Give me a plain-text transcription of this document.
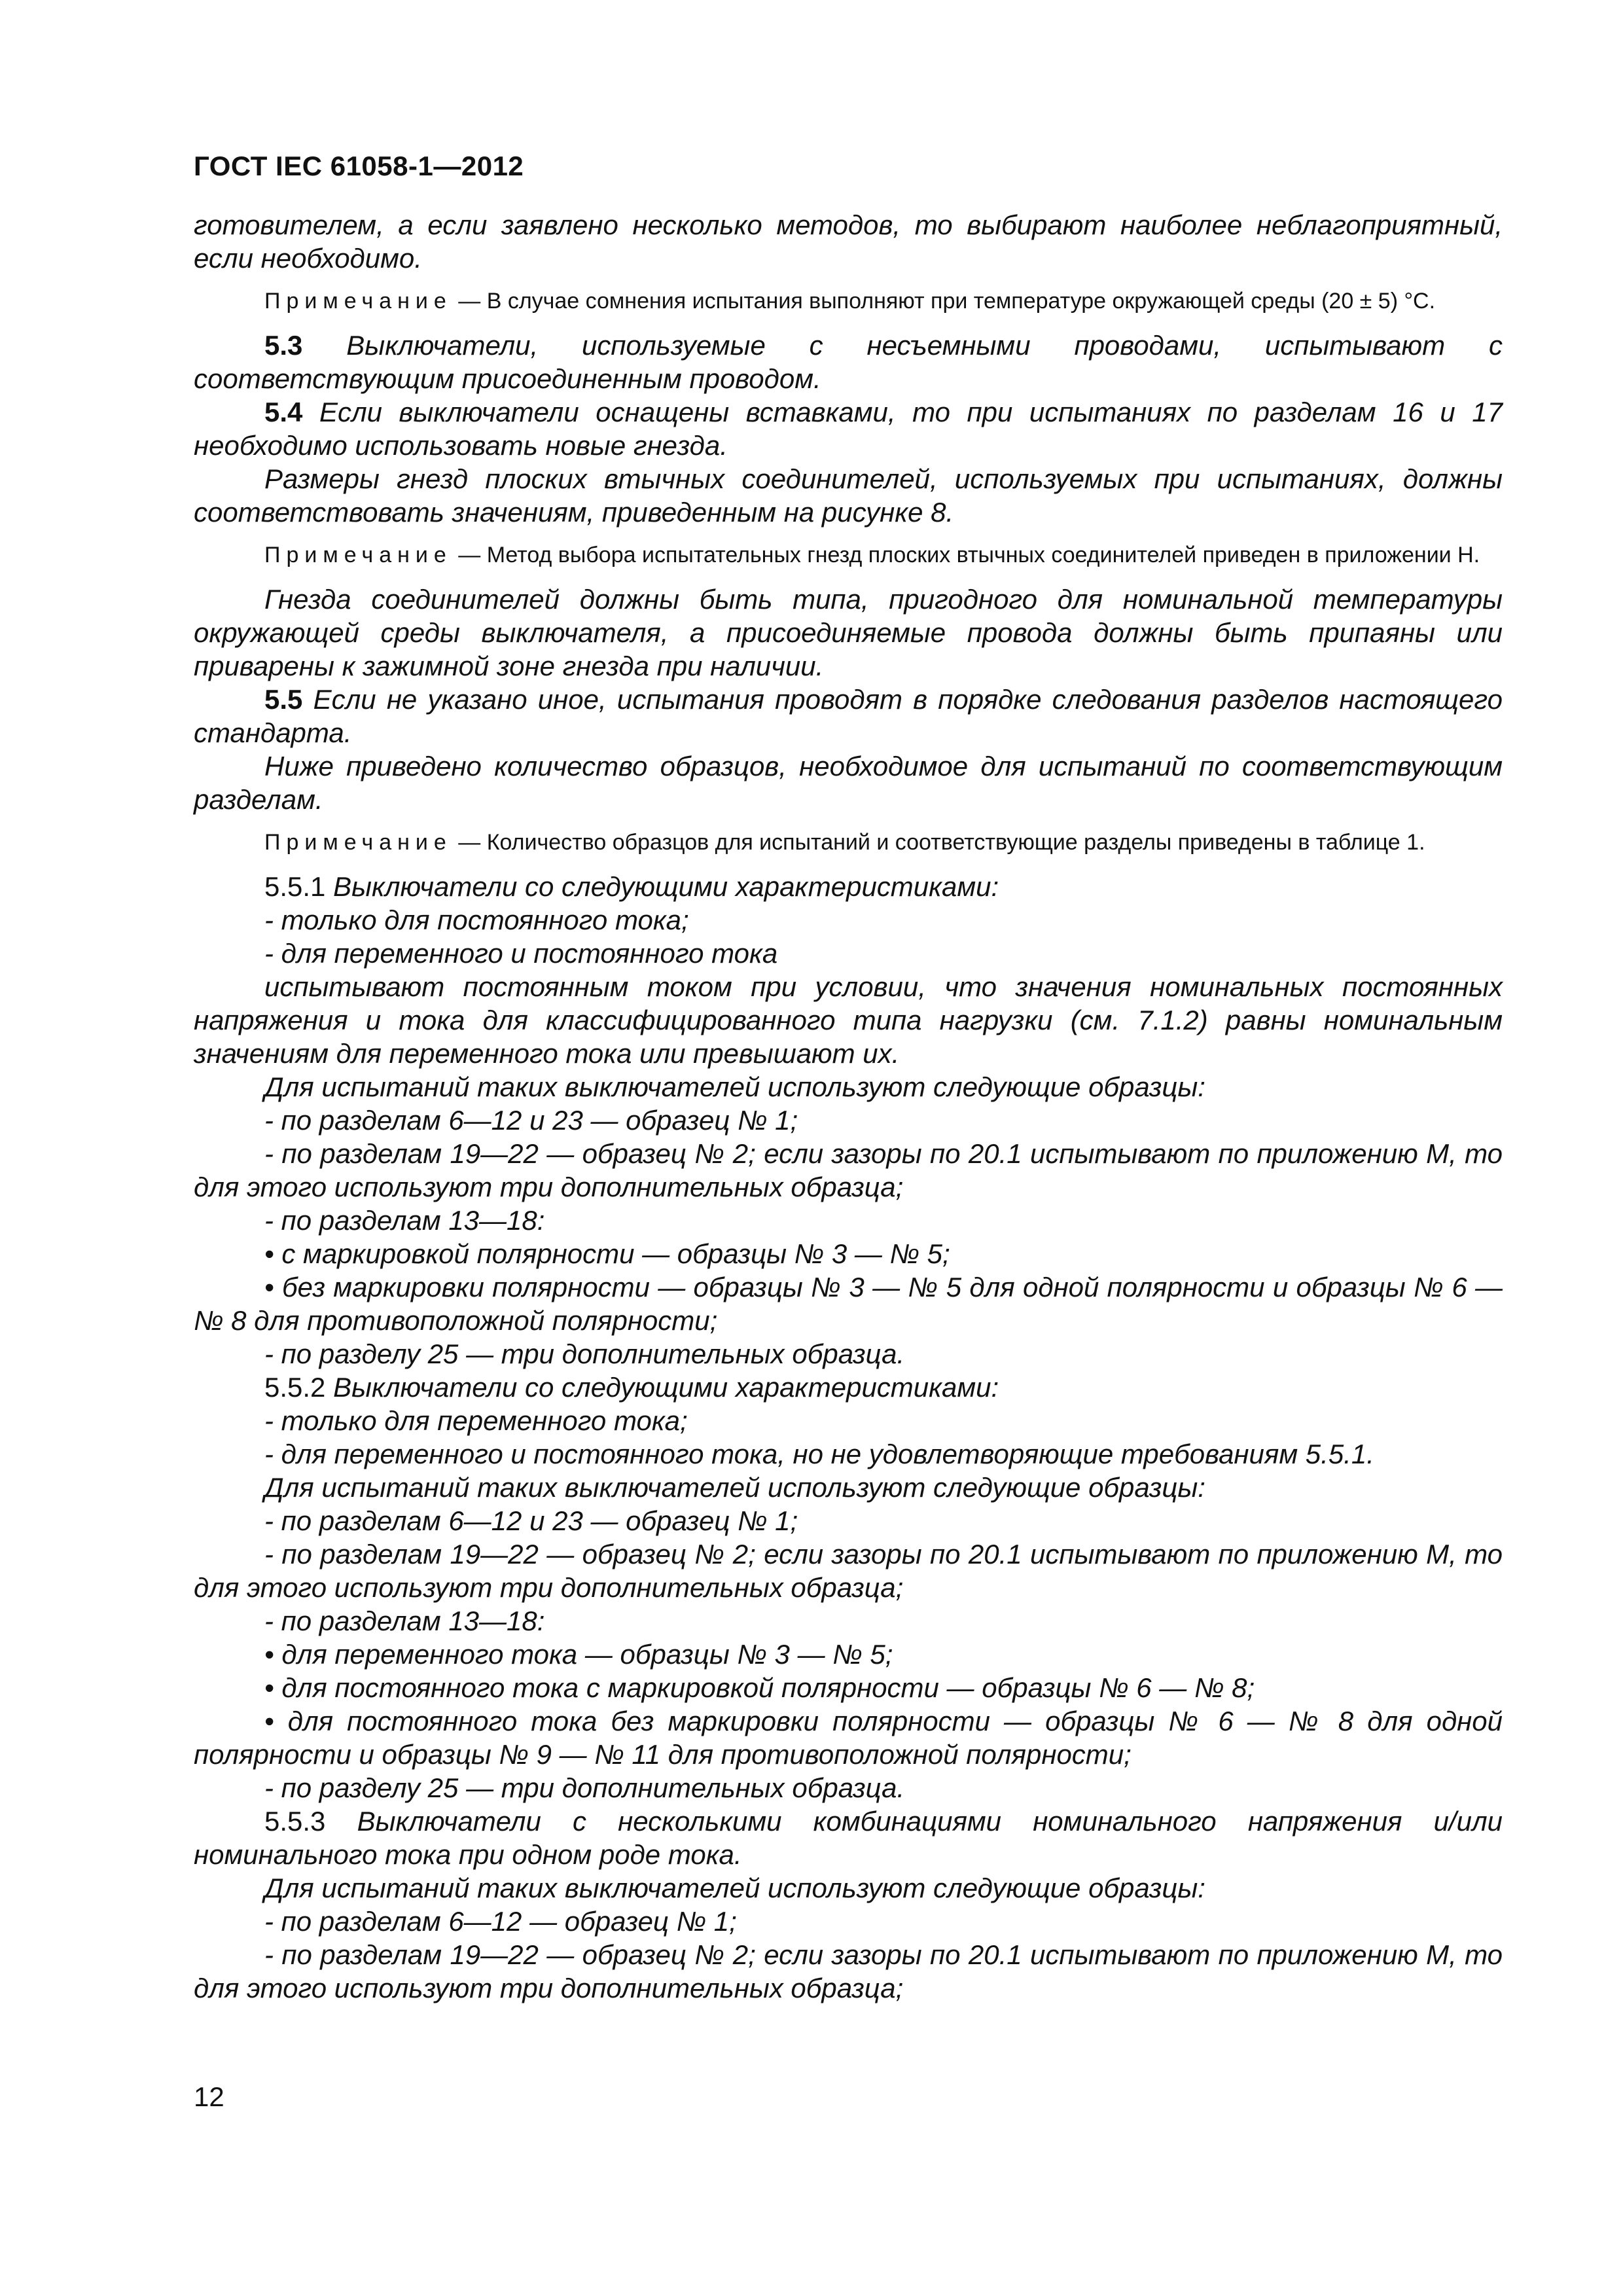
ГОСТ IEC 61058-1—2012

готовителем, а если заявлено несколько методов, то выбирают наиболее неблагоприятный, если необходимо.

Примечание — В случае сомнения испытания выполняют при температуре окружающей среды (20 ± 5) °С.

5.3 Выключатели, используемые с несъемными проводами, испытывают с соответствующим присоединенным проводом.

5.4 Если выключатели оснащены вставками, то при испытаниях по разделам 16 и 17 необходимо использовать новые гнезда.

Размеры гнезд плоских втычных соединителей, используемых при испытаниях, должны соответствовать значениям, приведенным на рисунке 8.

Примечание — Метод выбора испытательных гнезд плоских втычных соединителей приведен в приложении Н.

Гнезда соединителей должны быть типа, пригодного для номинальной температуры окружающей среды выключателя, а присоединяемые провода должны быть припаяны или приварены к зажимной зоне гнезда при наличии.

5.5 Если не указано иное, испытания проводят в порядке следования разделов настоящего стандарта.

Ниже приведено количество образцов, необходимое для испытаний по соответствующим разделам.

Примечание — Количество образцов для испытаний и соответствующие разделы приведены в таблице 1.

5.5.1 Выключатели со следующими характеристиками:

- только для постоянного тока;

- для переменного и постоянного тока

испытывают постоянным током при условии, что значения номинальных постоянных напряжения и тока для классифицированного типа нагрузки (см. 7.1.2) равны номинальным значениям для переменного тока или превышают их.

Для испытаний таких выключателей используют следующие образцы:

- по разделам 6—12 и 23 — образец № 1;

- по разделам 19—22 — образец № 2; если зазоры по 20.1 испытывают по приложению М, то для этого используют три дополнительных образца;

- по разделам 13—18:

• с маркировкой полярности — образцы № 3 — № 5;

• без маркировки полярности — образцы № 3 — № 5 для одной полярности и образцы № 6 — № 8 для противоположной полярности;

- по разделу 25 — три дополнительных образца.

5.5.2 Выключатели со следующими характеристиками:

- только для переменного тока;

- для переменного и постоянного тока, но не удовлетворяющие требованиям 5.5.1.

Для испытаний таких выключателей используют следующие образцы:

- по разделам 6—12 и 23 — образец № 1;

- по разделам 19—22 — образец № 2; если зазоры по 20.1 испытывают по приложению М, то для этого используют три дополнительных образца;

- по разделам 13—18:

• для переменного тока — образцы № 3 — № 5;

• для постоянного тока с маркировкой полярности — образцы № 6 — № 8;

• для постоянного тока без маркировки полярности — образцы № 6 — № 8 для одной полярности и образцы № 9 — № 11 для противоположной полярности;

- по разделу 25 — три дополнительных образца.

5.5.3 Выключатели с несколькими комбинациями номинального напряжения и/или номинального тока при одном роде тока.

Для испытаний таких выключателей используют следующие образцы:

- по разделам 6—12 — образец № 1;

- по разделам 19—22 — образец № 2; если зазоры по 20.1 испытывают по приложению М, то для этого используют три дополнительных образца;

12
